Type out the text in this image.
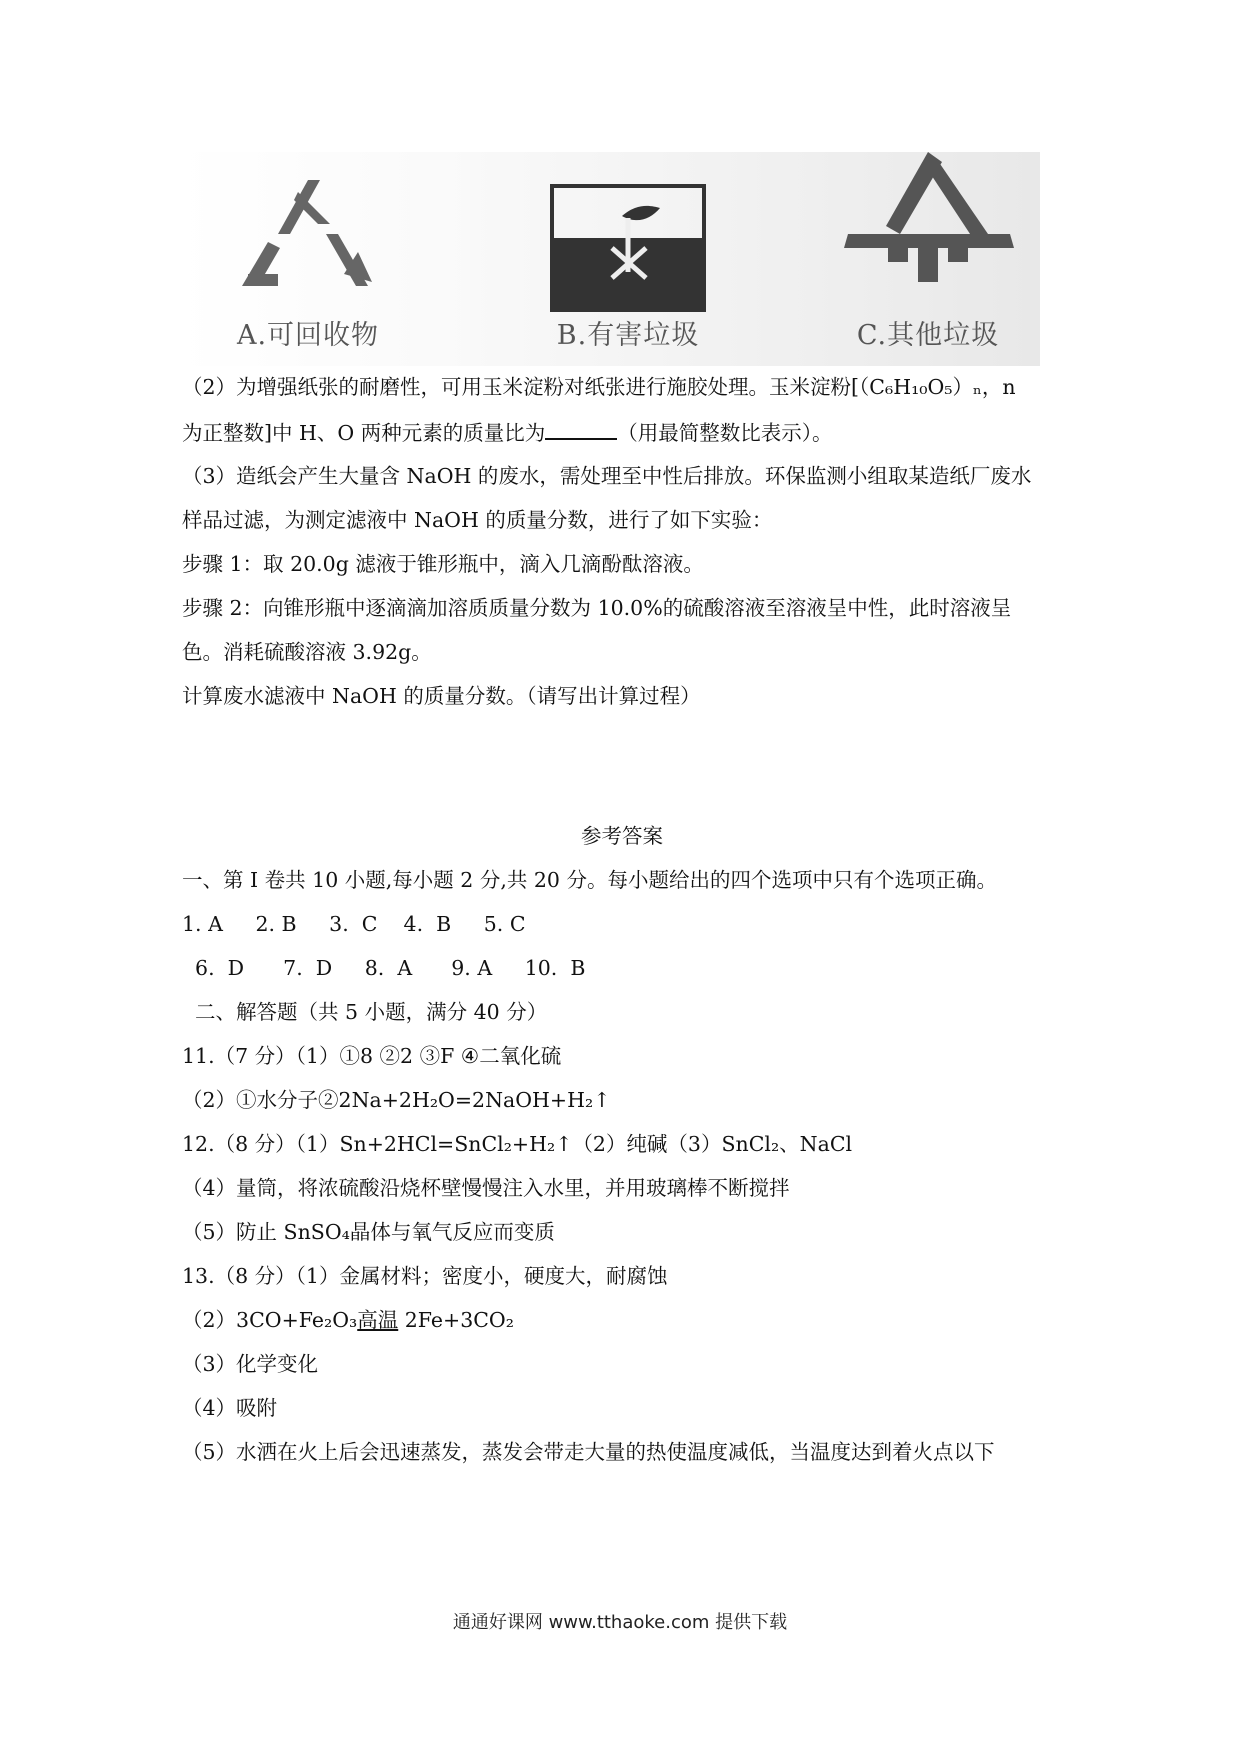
A.可回收物	B.有害垃圾	C.其他垃圾
（2）为增强纸张的耐磨性，可用玉米淀粉对纸张进行施胶处理。玉米淀粉[（C₆H₁₀O₅）ₙ，n
为正整数]中 H、O 两种元素的质量比为	（用最简整数比表示）。
（3）造纸会产生大量含 NaOH 的废水，需处理至中性后排放。环保监测小组取某造纸厂废水
样品过滤，为测定滤液中 NaOH 的质量分数，进行了如下实验：
步骤 1：取 20.0g 滤液于锥形瓶中，滴入几滴酚酞溶液。
步骤 2：向锥形瓶中逐滴滴加溶质质量分数为 10.0%的硫酸溶液至溶液呈中性，此时溶液呈
色。消耗硫酸溶液 3.92g。
计算废水滤液中 NaOH 的质量分数。（请写出计算过程）
参考答案
一、第 I 卷共 10 小题,每小题 2 分,共 20 分。每小题给出的四个选项中只有个选项正确。
1. A     2. B     3.  C    4.  B     5. C
6.  D      7.  D     8.  A      9. A     10.  B
二、解答题（共 5 小题，满分 40 分）
11.（7 分）（1）①8 ②2 ③F ④二氧化硫
（2）①水分子②2Na+2H₂O=2NaOH+H₂↑
12.（8 分）（1）Sn+2HCl=SnCl₂+H₂↑（2）纯碱（3）SnCl₂、NaCl
（4）量筒，将浓硫酸沿烧杯壁慢慢注入水里，并用玻璃棒不断搅拌
（5）防止 SnSO₄晶体与氧气反应而变质
13.（8 分）（1）金属材料；密度小，硬度大，耐腐蚀
（2）3CO+Fe₂O₃高温 2Fe+3CO₂
（3）化学变化
（4）吸附
（5）水洒在火上后会迅速蒸发，蒸发会带走大量的热使温度减低，当温度达到着火点以下
通通好课网 www.tthaoke.com 提供下载
